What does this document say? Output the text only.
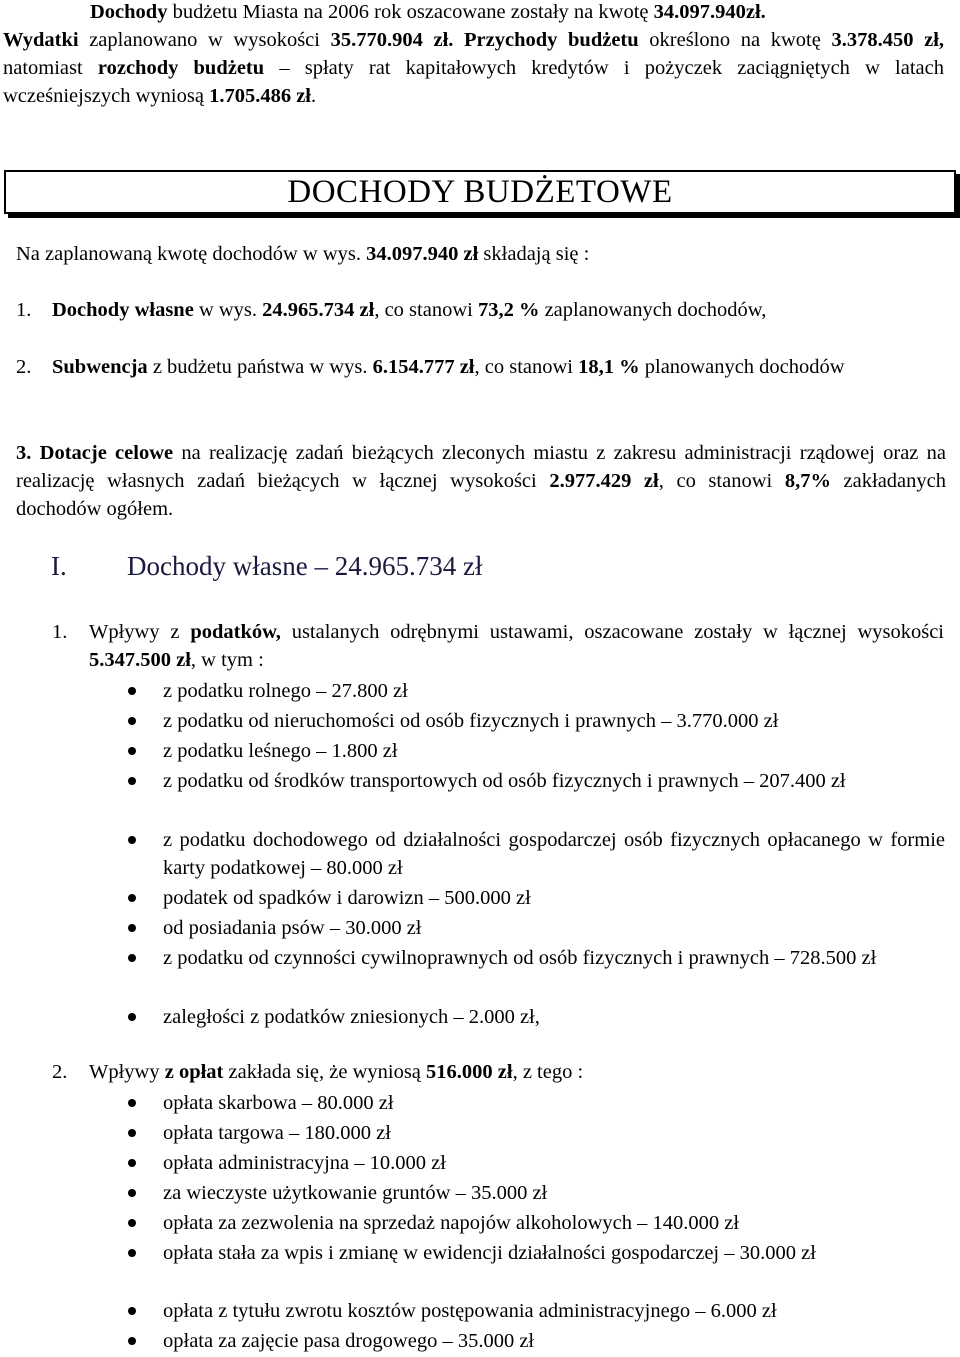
Dochody budżetu Miasta na 2006 rok oszacowane zostały na kwotę 34.097.940zł.
Wydatki zaplanowano w wysokości 35.770.904 zł. Przychody budżetu określono na kwotę 3.378.450 zł, natomiast rozchody budżetu – spłaty rat kapitałowych kredytów i pożyczek zaciągniętych w latach wcześniejszych wyniosą 1.705.486 zł.
DOCHODY BUDŻETOWE
Na zaplanowaną kwotę dochodów w wys. 34.097.940 zł składają się :
1.	Dochody własne w wys. 24.965.734 zł, co stanowi 73,2 % zaplanowanych dochodów,
2.	Subwencja z budżetu państwa w wys. 6.154.777 zł, co stanowi 18,1 % planowanych dochodów
3. Dotacje celowe na realizację zadań bieżących zleconych miastu z zakresu administracji rządowej oraz na realizację własnych zadań bieżących w łącznej wysokości 2.977.429 zł, co stanowi 8,7% zakładanych dochodów ogółem.
I. Dochody własne – 24.965.734 zł
1.	Wpływy z podatków, ustalanych odrębnymi ustawami, oszacowane zostały w łącznej wysokości 5.347.500 zł, w tym :
z podatku rolnego – 27.800 zł
z podatku od nieruchomości od osób fizycznych i prawnych – 3.770.000 zł
z podatku leśnego – 1.800 zł
z podatku od środków transportowych od osób fizycznych i prawnych – 207.400 zł
z podatku dochodowego od działalności gospodarczej osób fizycznych opłacanego w formie karty podatkowej – 80.000 zł
podatek od spadków i darowizn – 500.000 zł
od posiadania psów – 30.000 zł
z podatku od czynności cywilnoprawnych od osób fizycznych i prawnych – 728.500 zł
zaległości z podatków zniesionych – 2.000 zł,
2.	Wpływy z opłat zakłada się, że wyniosą 516.000 zł, z tego :
opłata skarbowa – 80.000 zł
opłata targowa – 180.000 zł
opłata administracyjna – 10.000 zł
za wieczyste użytkowanie gruntów – 35.000 zł
opłata za zezwolenia na sprzedaż napojów alkoholowych – 140.000 zł
opłata stała za wpis i zmianę w ewidencji działalności gospodarczej – 30.000 zł
opłata z tytułu zwrotu kosztów postępowania administracyjnego – 6.000 zł
opłata za zajęcie pasa drogowego – 35.000 zł
